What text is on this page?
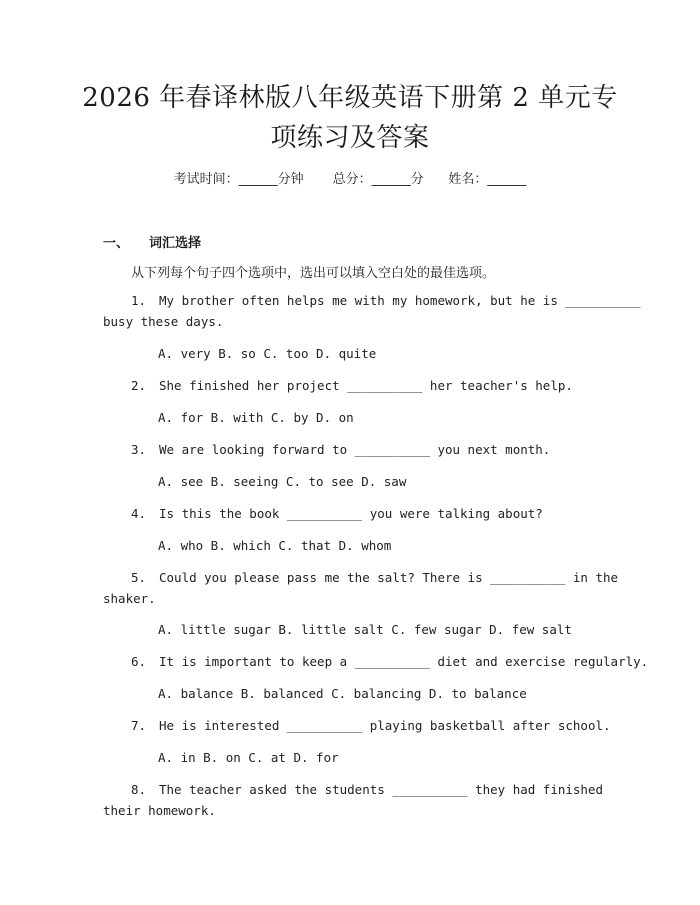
2026 年春译林版八年级英语下册第 2 单元专
项练习及答案
考试时间：______分钟 总分：______分 姓名：______
一、 词汇选择
从下列每个句子四个选项中，选出可以填入空白处的最佳选项。
1. My brother often helps me with my homework, but he is __________
busy these days.
A. very B. so C. too D. quite
2. She finished her project __________ her teacher's help.
A. for B. with C. by D. on
3. We are looking forward to __________ you next month.
A. see B. seeing C. to see D. saw
4. Is this the book __________ you were talking about?
A. who B. which C. that D. whom
5. Could you please pass me the salt? There is __________ in the
shaker.
A. little sugar B. little salt C. few sugar D. few salt
6. It is important to keep a __________ diet and exercise regularly.
A. balance B. balanced C. balancing D. to balance
7. He is interested __________ playing basketball after school.
A. in B. on C. at D. for
8. The teacher asked the students __________ they had finished
their homework.
